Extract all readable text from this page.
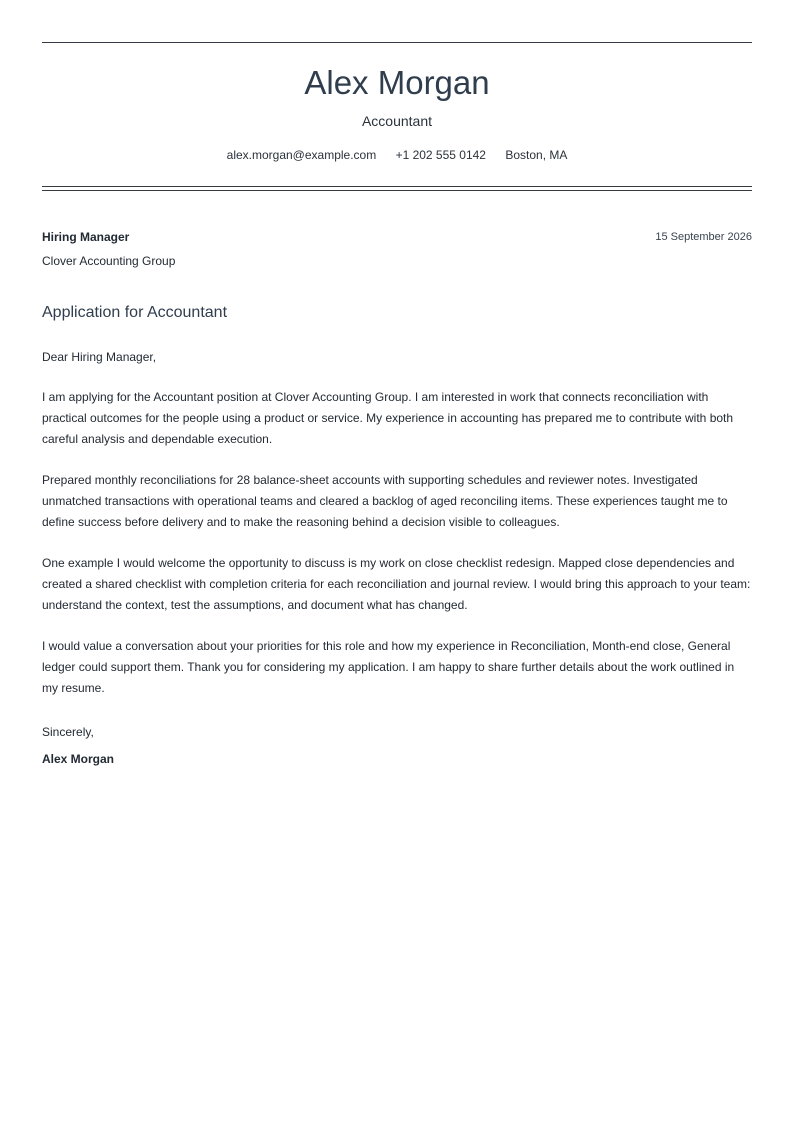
Alex Morgan
Accountant
alex.morgan@example.com +1 202 555 0142 Boston, MA
Hiring Manager
Clover Accounting Group
15 September 2026
Application for Accountant

Dear Hiring Manager,

I am applying for the Accountant position at Clover Accounting Group. I am interested in work that connects reconciliation with practical outcomes for the people using a product or service. My experience in accounting has prepared me to contribute with both careful analysis and dependable execution.

Prepared monthly reconciliations for 28 balance-sheet accounts with supporting schedules and reviewer notes. Investigated unmatched transactions with operational teams and cleared a backlog of aged reconciling items. These experiences taught me to define success before delivery and to make the reasoning behind a decision visible to colleagues.

One example I would welcome the opportunity to discuss is my work on close checklist redesign. Mapped close dependencies and created a shared checklist with completion criteria for each reconciliation and journal review. I would bring this approach to your team: understand the context, test the assumptions, and document what has changed.

I would value a conversation about your priorities for this role and how my experience in Reconciliation, Month-end close, General ledger could support them. Thank you for considering my application. I am happy to share further details about the work outlined in my resume.

Sincerely,
Alex Morgan
